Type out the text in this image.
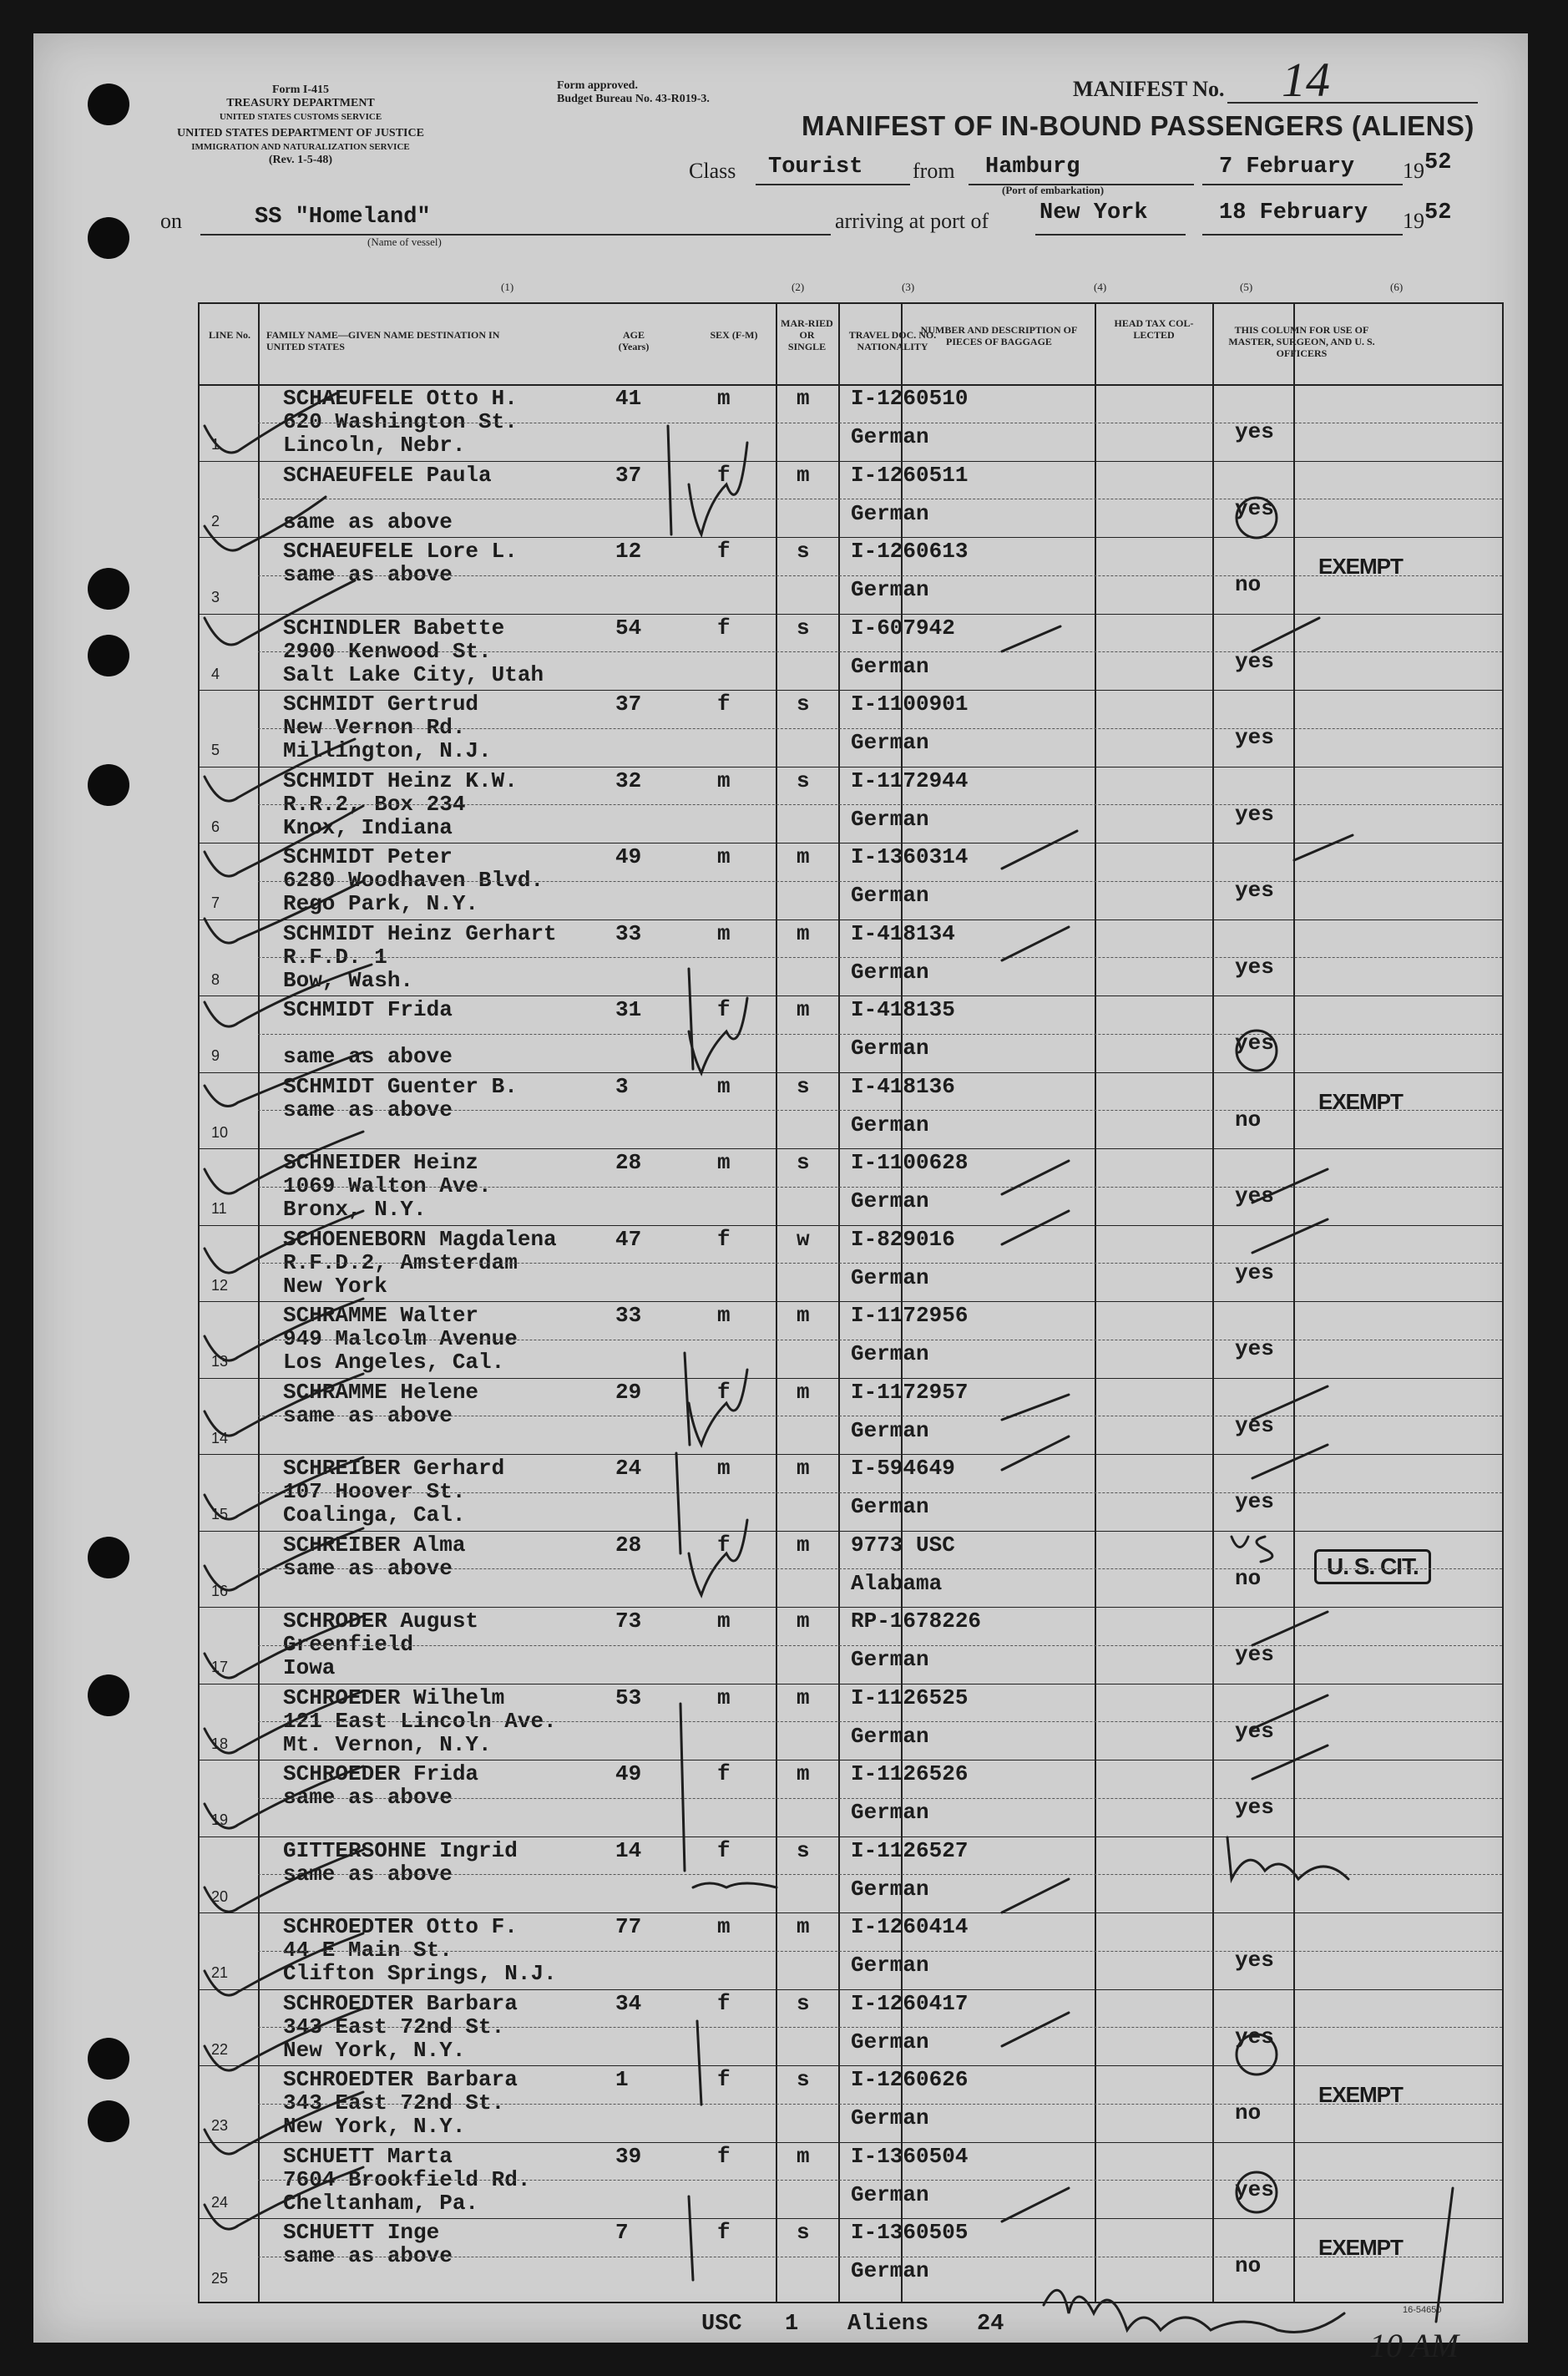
Form I-415
TREASURY DEPARTMENT
UNITED STATES CUSTOMS SERVICE
UNITED STATES DEPARTMENT OF JUSTICE
IMMIGRATION AND NATURALIZATION SERVICE
(Rev. 1-5-48)
Form approved.
Budget Bureau No. 43-R019-3.	MANIFEST No. 14
MANIFEST OF IN-BOUND PASSENGERS (ALIENS)
Class Tourist from Hamburg
(Port of embarkation)
7 February 19 52
on	SS "Homeland"
(Name of vessel)
arriving at port of New York	18 February 19 52
(1)	(2)	(3)	(4)	(5)	(6)
LINE No. FAMILY NAME—GIVEN NAME DESTINATION IN UNITED STATES
AGE (Years)
SEX (F-M)
MAR-RIED OR SINGLE
TRAVEL DOC. NO. NATIONALITY
NUMBER AND DESCRIPTION OF PIECES OF BAGGAGE
HEAD TAX COL-LECTED	THIS COLUMN FOR USE OF MASTER, SURGEON, AND U. S. OFFICERS
1
SCHAEUFELE Otto H.
620 Washington St.
Lincoln, Nebr.
41	m	m I-1260510
German	yes
2
SCHAEUFELE Paula
same as above
37	f	m I-1260511
German	yes
3
SCHAEUFELE Lore L.
same as above
12	f	s I-1260613
German	no
EXEMPT
4
SCHINDLER Babette
2900 Kenwood St.
Salt Lake City, Utah
54	f	s I-607942
German	yes
5
SCHMIDT Gertrud
New Vernon Rd.
Millington, N.J.
37	f	s I-1100901
German	yes
6
SCHMIDT Heinz K.W.
R.R.2, Box 234
Knox, Indiana
32	m	s I-1172944
German	yes
7
SCHMIDT Peter
6280 Woodhaven Blvd.
Rego Park, N.Y.
49	m	m I-1360314
German	yes
8
SCHMIDT Heinz Gerhart
R.F.D. 1
Bow, Wash.
33	m	m I-418134
German	yes
9
SCHMIDT Frida
same as above
31	f	m I-418135
German	yes
10
SCHMIDT Guenter B.
same as above
3	m	s I-418136
German	no
EXEMPT
11
SCHNEIDER Heinz
1069 Walton Ave.
Bronx, N.Y.
28	m	s I-1100628
German	yes
12
SCHOENEBORN Magdalena
R.F.D.2, Amsterdam
New York
47	f	w I-829016
German	yes
13
SCHRAMME Walter
949 Malcolm Avenue
Los Angeles, Cal.
33	m	m I-1172956
German	yes
14
SCHRAMME Helene
same as above
29	f	m I-1172957
German	yes
15
SCHREIBER Gerhard
107 Hoover St.
Coalinga, Cal.
24	m	m I-594649
German	yes
16
SCHREIBER Alma
same as above
28	f	m 9773 USC
Alabama	no	U. S. CIT.
17
SCHRODER August
Greenfield
Iowa
73	m	m RP-1678226
German	yes
18
SCHROEDER Wilhelm
121 East Lincoln Ave.
Mt. Vernon, N.Y.
53	m	m I-1126525
German	yes
19
SCHROEDER Frida
same as above
49	f	m I-1126526
German	yes
20
GITTERSOHNE Ingrid
same as above
14	f	s I-1126527
German
21
SCHROEDTER Otto F.
44 E Main St.
Clifton Springs, N.J.
77	m	m I-1260414
German	yes
22
SCHROEDTER Barbara
343 East 72nd St.
New York, N.Y.
34	f	s I-1260417
German	yes
23
SCHROEDTER Barbara
343 East 72nd St.
New York, N.Y.
1	f	s I-1260626
German	no
EXEMPT
24
SCHUETT Marta
7604 Brookfield Rd.
Cheltanham, Pa.
39	f	m I-1360504
German	yes
25
SCHUETT Inge
same as above
7	f	s I-1360505
German	no
EXEMPT
USC 1 Aliens 24
16-54650
10 AM
